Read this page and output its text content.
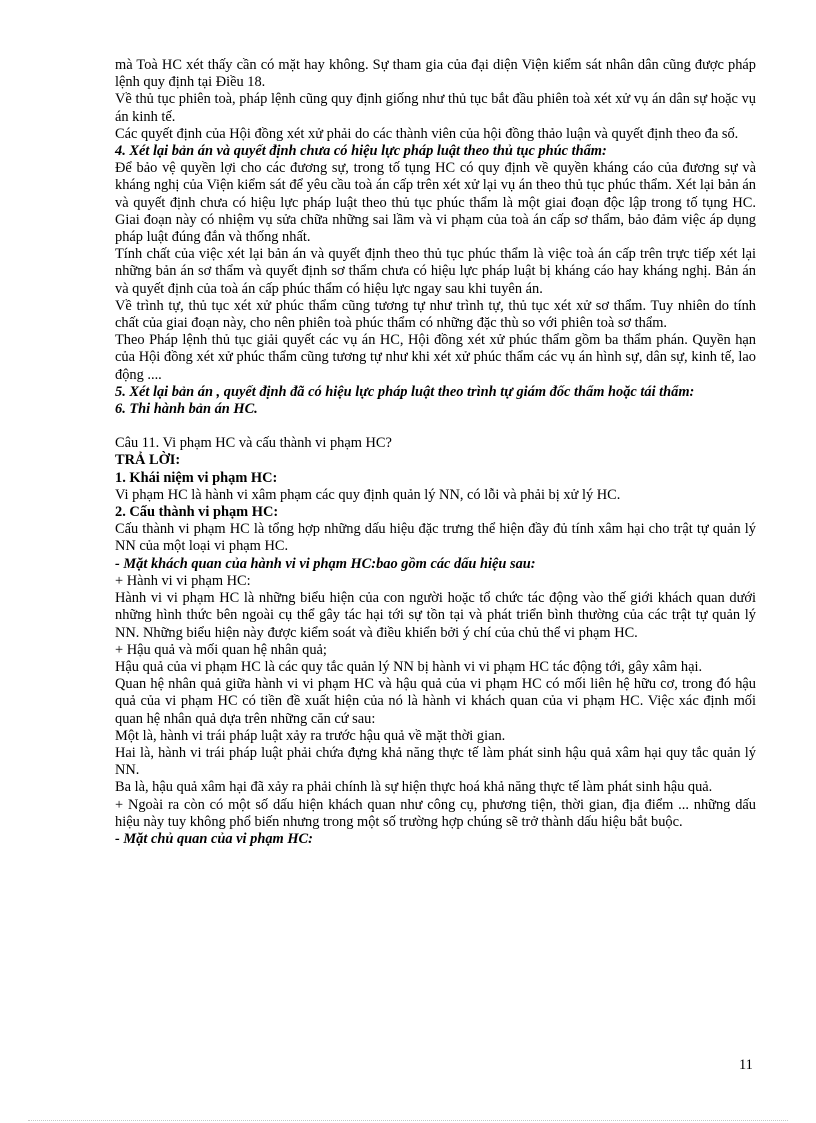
mà Toà HC xét thấy cần có mặt hay không. Sự tham gia của đại diện Viện kiểm sát nhân dân cũng được pháp lệnh quy định tại Điều 18.

Về thủ tục phiên toà, pháp lệnh cũng quy định giống như thủ tục bắt đầu phiên toà xét xử vụ án dân sự hoặc vụ án kinh tế.

Các quyết định của Hội đồng xét xử phải do các thành viên của hội đồng thảo luận và quyết định theo đa số.

4. Xét lại bản án và quyết định chưa có hiệu lực pháp luật theo thủ tục phúc thẩm:

Để bảo vệ quyền lợi cho các đương sự, trong tố tụng HC có quy định về quyền kháng cáo của đương sự và kháng nghị của Viện kiểm sát để yêu cầu toà án cấp trên xét xử lại vụ án theo thủ tục phúc thẩm. Xét lại bản án và quyết định chưa có hiệu lực pháp luật theo thủ tục phúc thẩm là một giai đoạn độc lập trong tố tụng HC. Giai đoạn này có nhiệm vụ sửa chữa những sai lầm và vi phạm của toà án cấp sơ thẩm, bảo đảm việc áp dụng pháp luật đúng đắn và thống nhất.

Tính chất của việc xét lại bản án và quyết định theo thủ tục phúc thẩm là việc toà án cấp trên trực tiếp xét lại những bản án sơ thẩm và quyết định sơ thẩm chưa có hiệu lực pháp luật bị kháng cáo hay kháng nghị. Bản án và quyết định của toà án cấp phúc thẩm có hiệu lực ngay sau khi tuyên án.

Về trình tự, thủ tục xét xử phúc thẩm cũng tương tự như trình tự, thủ tục xét xử sơ thẩm. Tuy nhiên do tính chất của giai đoạn này, cho nên phiên toà phúc thẩm có những đặc thù so với phiên toà sơ thẩm.

Theo Pháp lệnh thủ tục giải quyết các vụ án HC, Hội đồng xét xử phúc thẩm gồm ba thẩm phán. Quyền hạn của Hội đồng xét xử phúc thẩm cũng tương tự như khi xét xử phúc thẩm các vụ án hình sự, dân sự, kinh tế, lao động ....

5. Xét lại bản án , quyết định đã có hiệu lực pháp luật theo trình tự giám đốc thẩm hoặc tái thẩm:

6. Thi hành bản án HC.

Câu 11. Vi phạm HC và cấu thành vi phạm HC?

TRẢ LỜI:

1. Khái niệm vi phạm HC:

Vi phạm HC là hành vi xâm phạm các quy định quản lý NN, có lỗi và phải bị xử lý HC.

2. Cấu thành vi phạm HC:

Cấu thành vi phạm HC là tổng hợp những dấu hiệu đặc trưng thể hiện đầy đủ tính xâm hại cho trật tự quản lý NN của một loại vi phạm HC.

- Mặt khách quan của hành vi vi phạm HC:bao gồm các dấu hiệu sau:

+ Hành vi vi phạm HC:

Hành vi vi phạm HC là những biểu hiện của con người hoặc tổ chức tác động vào thế giới khách quan dưới những hình thức bên ngoài cụ thể gây tác hại tới sự tồn tại và phát triển bình thường của các trật tự quản lý NN. Những biểu hiện này được kiểm soát và điều khiển bởi ý chí của chủ thể vi phạm HC.

+ Hậu quả và mối quan hệ nhân quả;

Hậu quả của vi phạm HC là các quy tắc quản lý NN bị hành vi vi phạm HC tác động tới, gây xâm hại.

Quan hệ nhân quả giữa hành vi vi phạm HC và hậu quả của vi phạm HC có mối liên hệ hữu cơ, trong đó hậu quả của vi phạm HC có tiền đề xuất hiện của nó là hành vi khách quan của vi phạm HC. Việc xác định mối quan hệ nhân quả dựa trên những căn cứ sau:

Một là, hành vi trái pháp luật xảy ra trước hậu quả về mặt thời gian.

Hai là, hành vi trái pháp luật phải chứa đựng khả năng thực tế làm phát sinh hậu quả xâm hại quy tắc quản lý NN.

Ba là, hậu quả xâm hại đã xảy ra phải chính là sự hiện thực hoá khả năng thực tế làm phát sinh hậu quả.

+ Ngoài ra còn có một số dấu hiện khách quan như công cụ, phương tiện, thời gian, địa điểm ... những dấu hiệu này tuy không phổ biến nhưng trong một số trường hợp chúng sẽ trở thành dấu hiệu bắt buộc.

- Mặt chủ quan của vi phạm HC:

11
